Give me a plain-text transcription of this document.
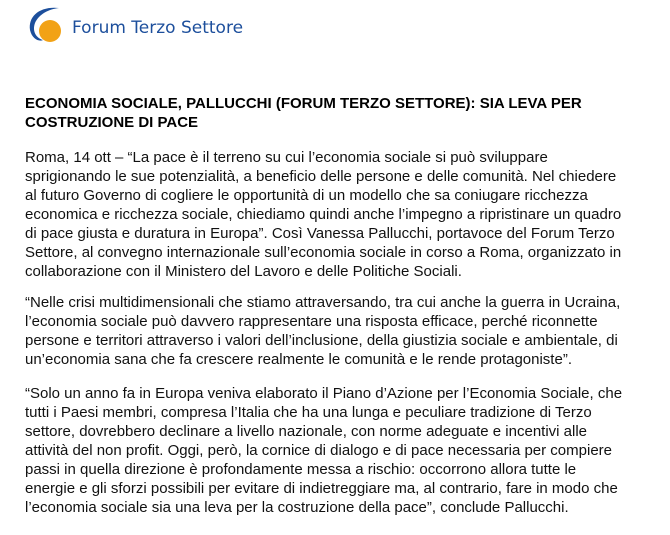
Forum Terzo Settore
ECONOMIA SOCIALE, PALLUCCHI (FORUM TERZO SETTORE): SIA LEVA PER COSTRUZIONE DI PACE

Roma, 14 ott – “La pace è il terreno su cui l’economia sociale si può sviluppare
sprigionando le sue potenzialità, a beneficio delle persone e delle comunità. Nel chiedere
al futuro Governo di cogliere le opportunità di un modello che sa coniugare ricchezza
economica e ricchezza sociale, chiediamo quindi anche l’impegno a ripristinare un quadro
di pace giusta e duratura in Europa”. Così Vanessa Pallucchi, portavoce del Forum Terzo
Settore, al convegno internazionale sull’economia sociale in corso a Roma, organizzato in
collaborazione con il Ministero del Lavoro e delle Politiche Sociali.

“Nelle crisi multidimensionali che stiamo attraversando, tra cui anche la guerra in Ucraina,
l’economia sociale può davvero rappresentare una risposta efficace, perché riconnette
persone e territori attraverso i valori dell’inclusione, della giustizia sociale e ambientale, di
un’economia sana che fa crescere realmente le comunità e le rende protagoniste”.

“Solo un anno fa in Europa veniva elaborato il Piano d’Azione per l’Economia Sociale, che
tutti i Paesi membri, compresa l’Italia che ha una lunga e peculiare tradizione di Terzo
settore, dovrebbero declinare a livello nazionale, con norme adeguate e incentivi alle
attività del non profit. Oggi, però, la cornice di dialogo e di pace necessaria per compiere
passi in quella direzione è profondamente messa a rischio: occorrono allora tutte le
energie e gli sforzi possibili per evitare di indietreggiare ma, al contrario, fare in modo che
l’economia sociale sia una leva per la costruzione della pace”, conclude Pallucchi.
